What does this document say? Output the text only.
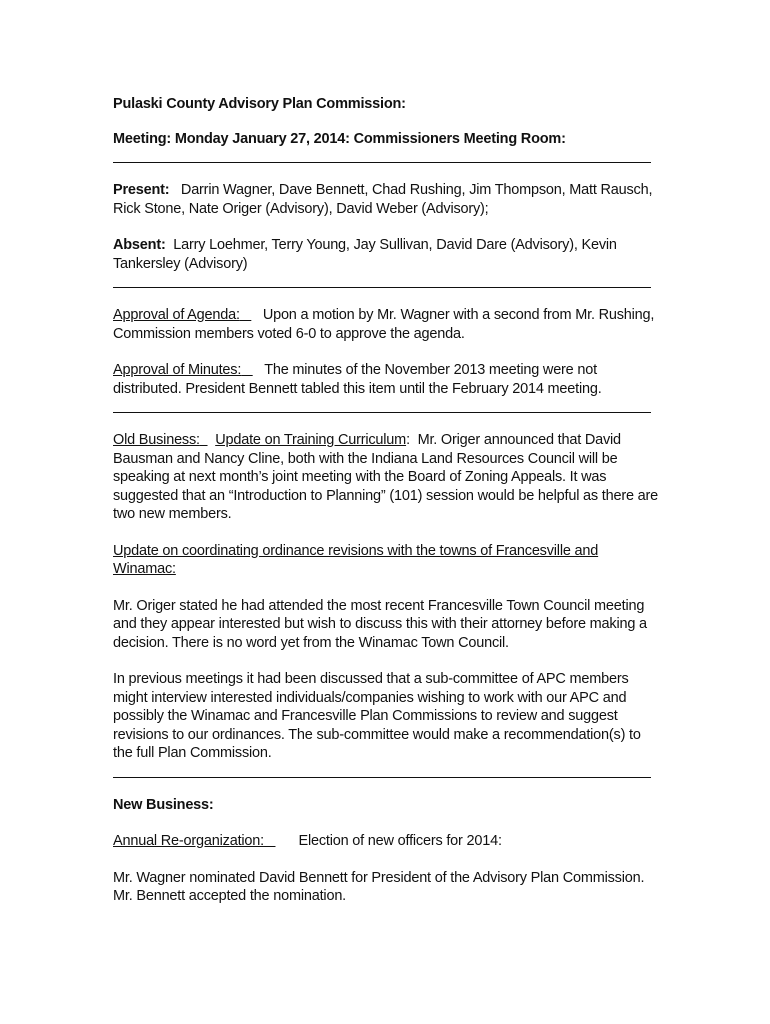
Pulaski County Advisory Plan Commission:

Meeting: Monday January 27, 2014: Commissioners Meeting Room:

Present: Darrin Wagner, Dave Bennett, Chad Rushing, Jim Thompson, Matt Rausch, Rick Stone, Nate Origer (Advisory), David Weber (Advisory);

Absent: Larry Loehmer, Terry Young, Jay Sullivan, David Dare (Advisory), Kevin Tankersley (Advisory)

Approval of Agenda: Upon a motion by Mr. Wagner with a second from Mr. Rushing, Commission members voted 6-0 to approve the agenda.

Approval of Minutes: The minutes of the November 2013 meeting were not distributed. President Bennett tabled this item until the February 2014 meeting.

Old Business: Update on Training Curriculum:  Mr. Origer announced that David Bausman and Nancy Cline, both with the Indiana Land Resources Council will be speaking at next month’s joint meeting with the Board of Zoning Appeals. It was suggested that an “Introduction to Planning” (101) session would be helpful as there are two new members.

Update on coordinating ordinance revisions with the towns of Francesville and Winamac:

Mr. Origer stated he had attended the most recent Francesville Town Council meeting and they appear interested but wish to discuss this with their attorney before making a decision. There is no word yet from the Winamac Town Council.

In previous meetings it had been discussed that a sub-committee of APC members might interview interested individuals/companies wishing to work with our APC and possibly the Winamac and Francesville Plan Commissions to review and suggest revisions to our ordinances. The sub-committee would make a recommendation(s) to the full Plan Commission.

New Business:

Annual Re-organization: Election of new officers for 2014:

Mr. Wagner nominated David Bennett for President of the Advisory Plan Commission. Mr. Bennett accepted the nomination.
